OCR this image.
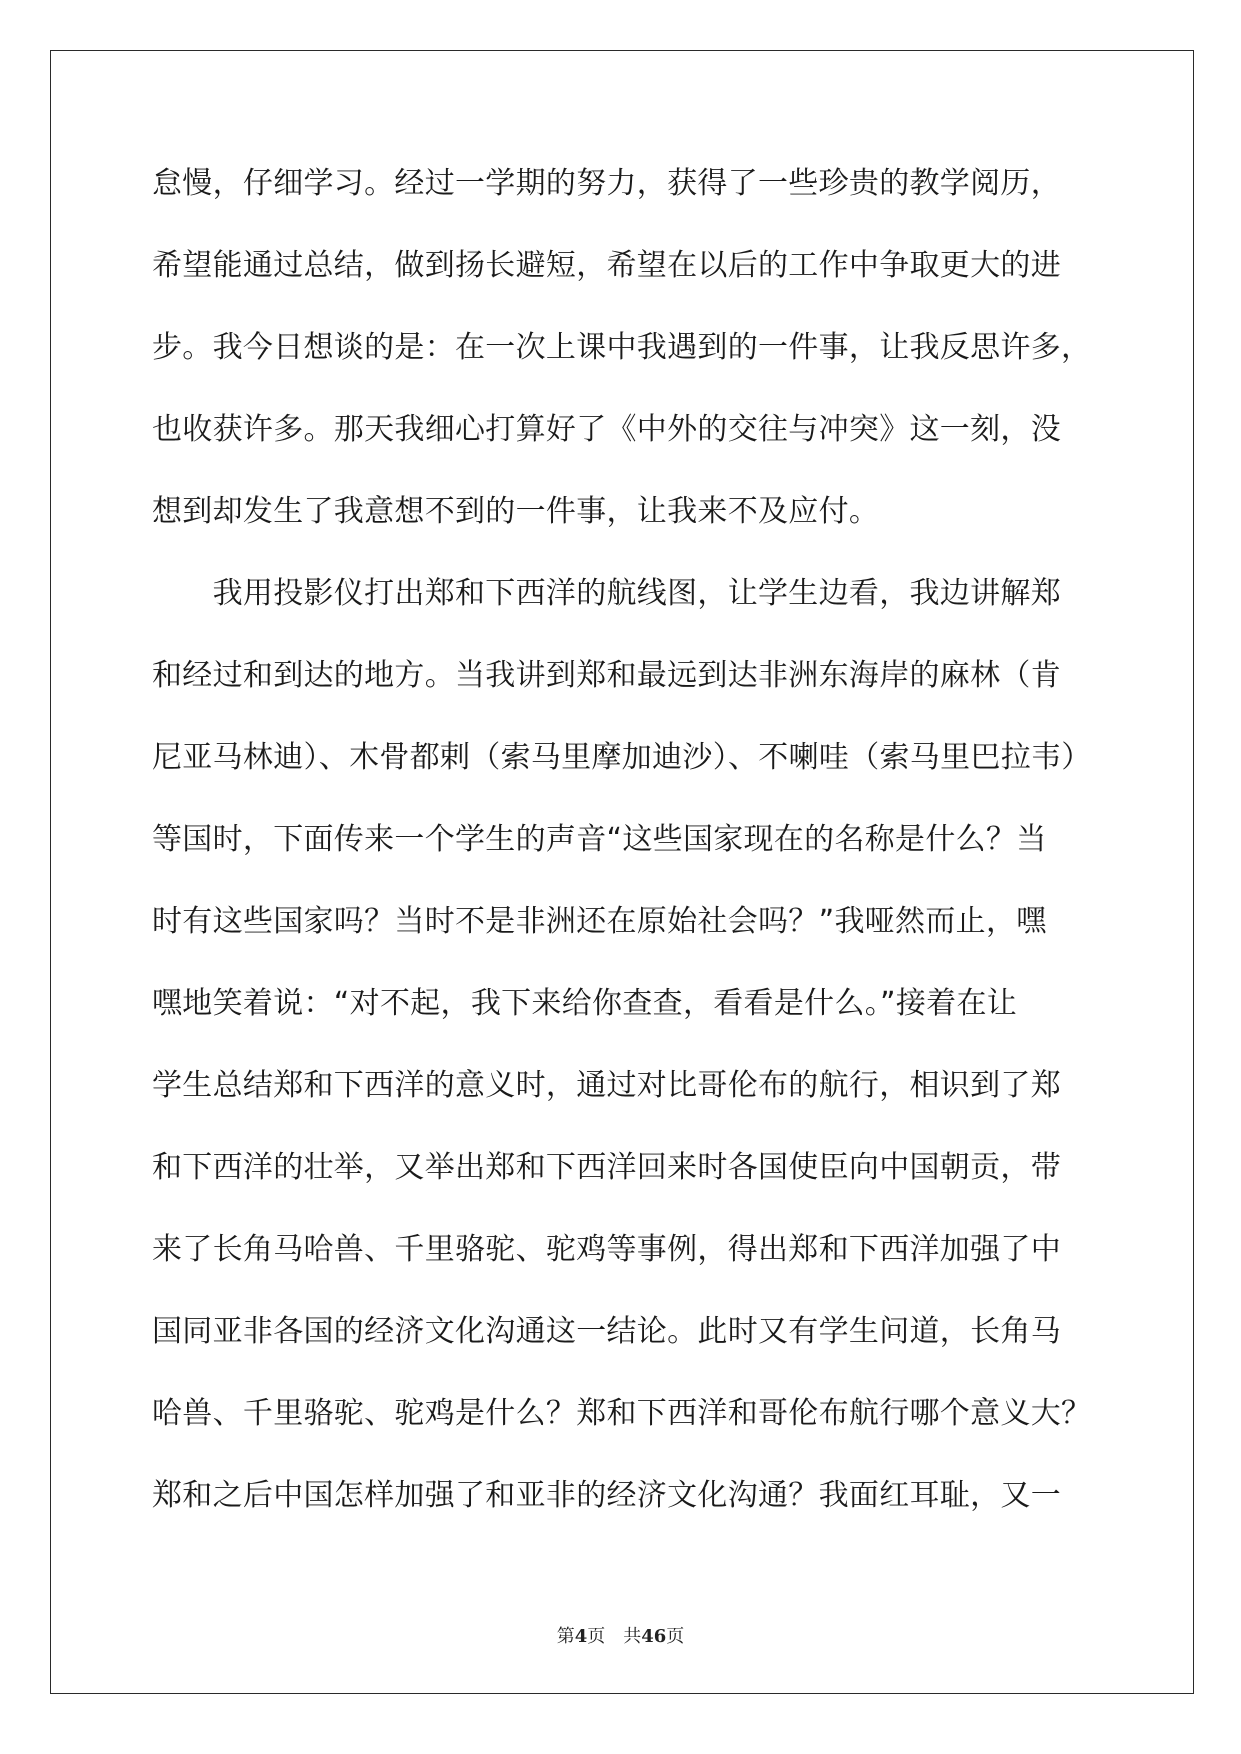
怠慢，仔细学习。经过一学期的努力，获得了一些珍贵的教学阅历，
希望能通过总结，做到扬长避短，希望在以后的工作中争取更大的进
步。我今日想谈的是：在一次上课中我遇到的一件事，让我反思许多，
也收获许多。那天我细心打算好了《中外的交往与冲突》这一刻，没
想到却发生了我意想不到的一件事，让我来不及应付。
　　我用投影仪打出郑和下西洋的航线图，让学生边看，我边讲解郑
和经过和到达的地方。当我讲到郑和最远到达非洲东海岸的麻林（肯
尼亚马林迪）、木骨都剌（索马里摩加迪沙）、不喇哇（索马里巴拉韦）
等国时，下面传来一个学生的声音“这些国家现在的名称是什么？当
时有这些国家吗？当时不是非洲还在原始社会吗？”我哑然而止，嘿
嘿地笑着说：“对不起，我下来给你查查，看看是什么。”接着在让
学生总结郑和下西洋的意义时，通过对比哥伦布的航行，相识到了郑
和下西洋的壮举，又举出郑和下西洋回来时各国使臣向中国朝贡，带
来了长角马哈兽、千里骆驼、驼鸡等事例，得出郑和下西洋加强了中
国同亚非各国的经济文化沟通这一结论。此时又有学生问道，长角马
哈兽、千里骆驼、驼鸡是什么？郑和下西洋和哥伦布航行哪个意义大？
郑和之后中国怎样加强了和亚非的经济文化沟通？我面红耳耻，又一
第4页 共46页
